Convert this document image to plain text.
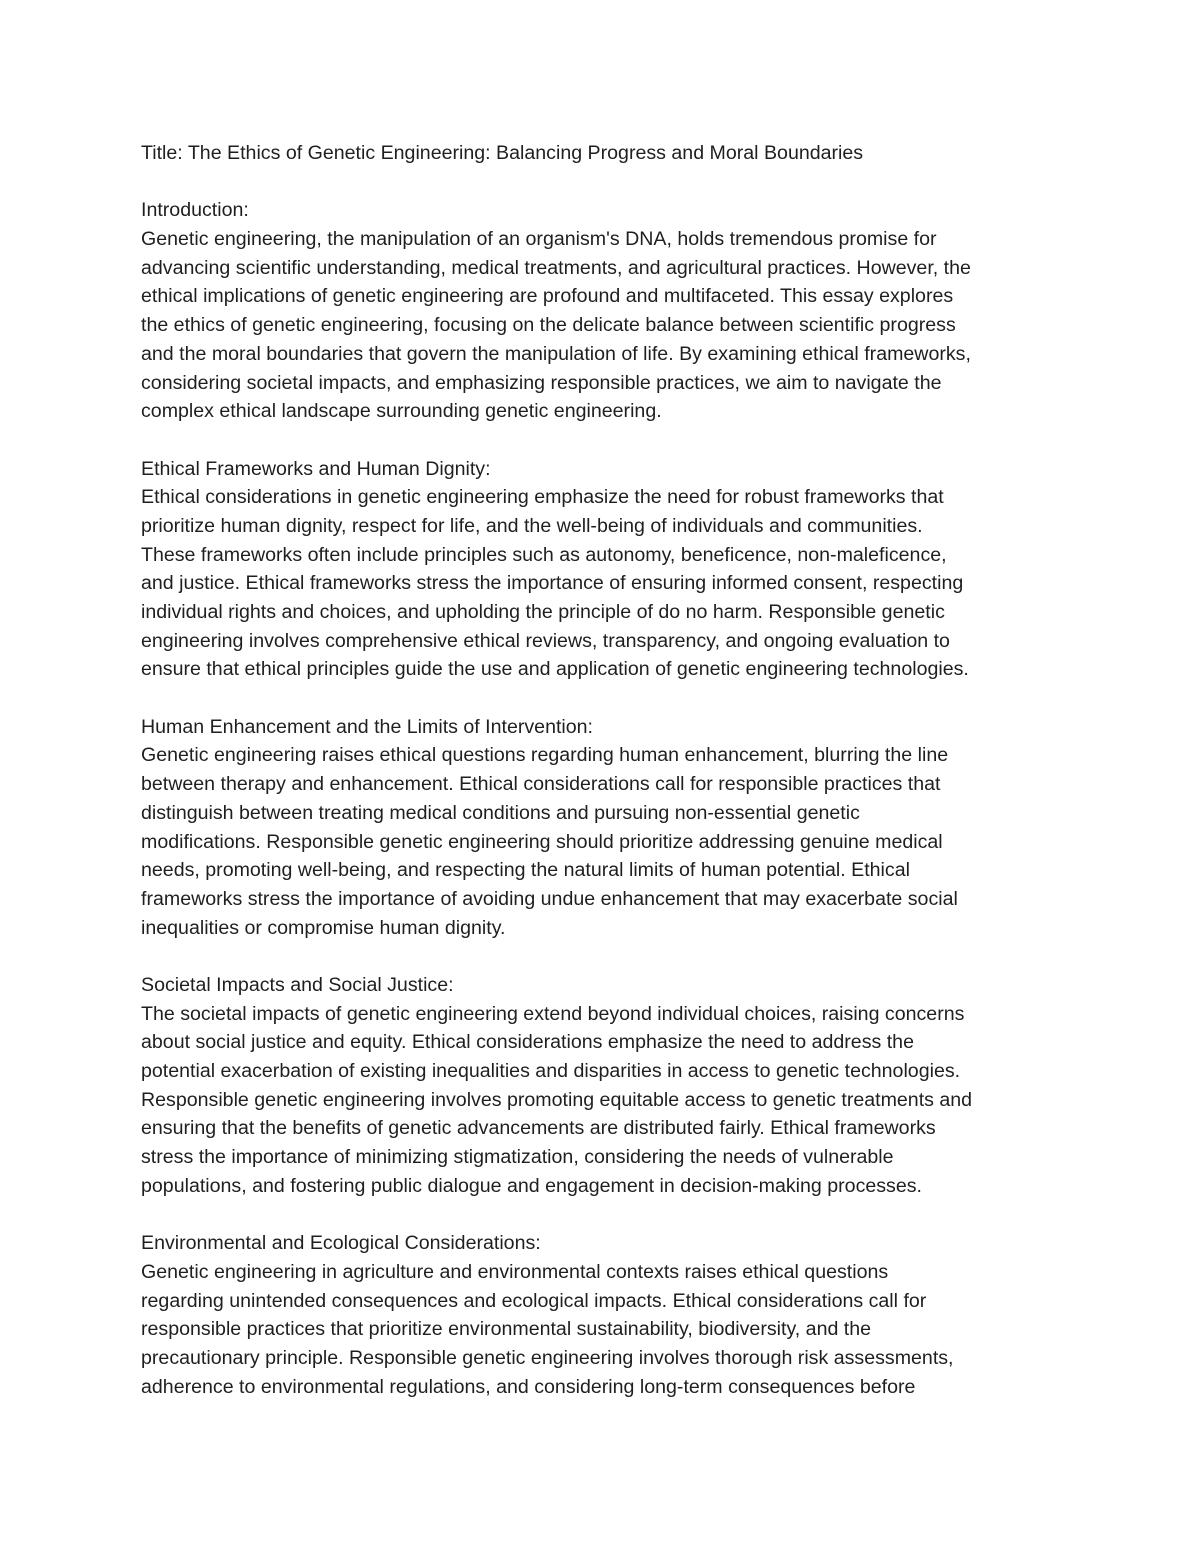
Title: The Ethics of Genetic Engineering: Balancing Progress and Moral Boundaries
Introduction:
Genetic engineering, the manipulation of an organism's DNA, holds tremendous promise for
advancing scientific understanding, medical treatments, and agricultural practices. However, the
ethical implications of genetic engineering are profound and multifaceted. This essay explores
the ethics of genetic engineering, focusing on the delicate balance between scientific progress
and the moral boundaries that govern the manipulation of life. By examining ethical frameworks,
considering societal impacts, and emphasizing responsible practices, we aim to navigate the
complex ethical landscape surrounding genetic engineering.
Ethical Frameworks and Human Dignity:
Ethical considerations in genetic engineering emphasize the need for robust frameworks that
prioritize human dignity, respect for life, and the well-being of individuals and communities.
These frameworks often include principles such as autonomy, beneficence, non-maleficence,
and justice. Ethical frameworks stress the importance of ensuring informed consent, respecting
individual rights and choices, and upholding the principle of do no harm. Responsible genetic
engineering involves comprehensive ethical reviews, transparency, and ongoing evaluation to
ensure that ethical principles guide the use and application of genetic engineering technologies.
Human Enhancement and the Limits of Intervention:
Genetic engineering raises ethical questions regarding human enhancement, blurring the line
between therapy and enhancement. Ethical considerations call for responsible practices that
distinguish between treating medical conditions and pursuing non-essential genetic
modifications. Responsible genetic engineering should prioritize addressing genuine medical
needs, promoting well-being, and respecting the natural limits of human potential. Ethical
frameworks stress the importance of avoiding undue enhancement that may exacerbate social
inequalities or compromise human dignity.
Societal Impacts and Social Justice:
The societal impacts of genetic engineering extend beyond individual choices, raising concerns
about social justice and equity. Ethical considerations emphasize the need to address the
potential exacerbation of existing inequalities and disparities in access to genetic technologies.
Responsible genetic engineering involves promoting equitable access to genetic treatments and
ensuring that the benefits of genetic advancements are distributed fairly. Ethical frameworks
stress the importance of minimizing stigmatization, considering the needs of vulnerable
populations, and fostering public dialogue and engagement in decision-making processes.
Environmental and Ecological Considerations:
Genetic engineering in agriculture and environmental contexts raises ethical questions
regarding unintended consequences and ecological impacts. Ethical considerations call for
responsible practices that prioritize environmental sustainability, biodiversity, and the
precautionary principle. Responsible genetic engineering involves thorough risk assessments,
adherence to environmental regulations, and considering long-term consequences before
